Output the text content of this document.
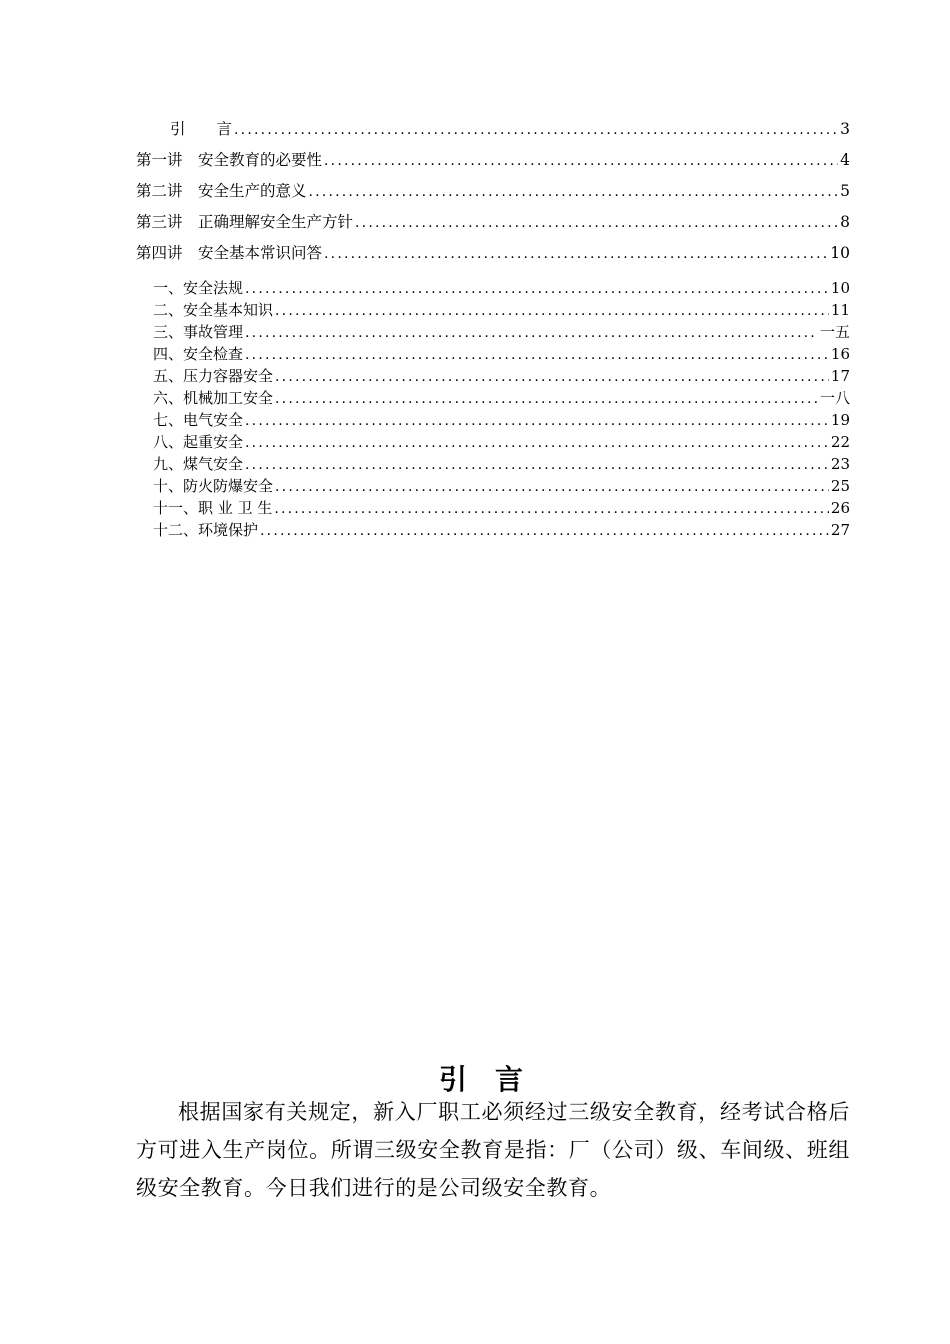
引　　言 .....	3
第一讲　安全教育的必要性 .....	4
第二讲　安全生产的意义 .....	5
第三讲　正确理解安全生产方针 .....	8
第四讲　安全基本常识问答 .....	10
一、安全法规 .....	10
二、安全基本知识 .....	11
三、事故管理 .....	一五
四、安全检查 .....	16
五、压力容器安全 .....	17
六、机械加工安全 .....	一八
七、电气安全 .....	19
八、起重安全 .....	22
九、煤气安全 .....	23
十、防火防爆安全 .....	25
十一、职 业 卫 生 .....	26
十二、环境保护 .....	27
引言

根据国家有关规定，新入厂职工必须经过三级安全教育，经考试合格后方可进入生产岗位。所谓三级安全教育是指：厂（公司）级、车间级、班组级安全教育。今日我们进行的是公司级安全教育。
